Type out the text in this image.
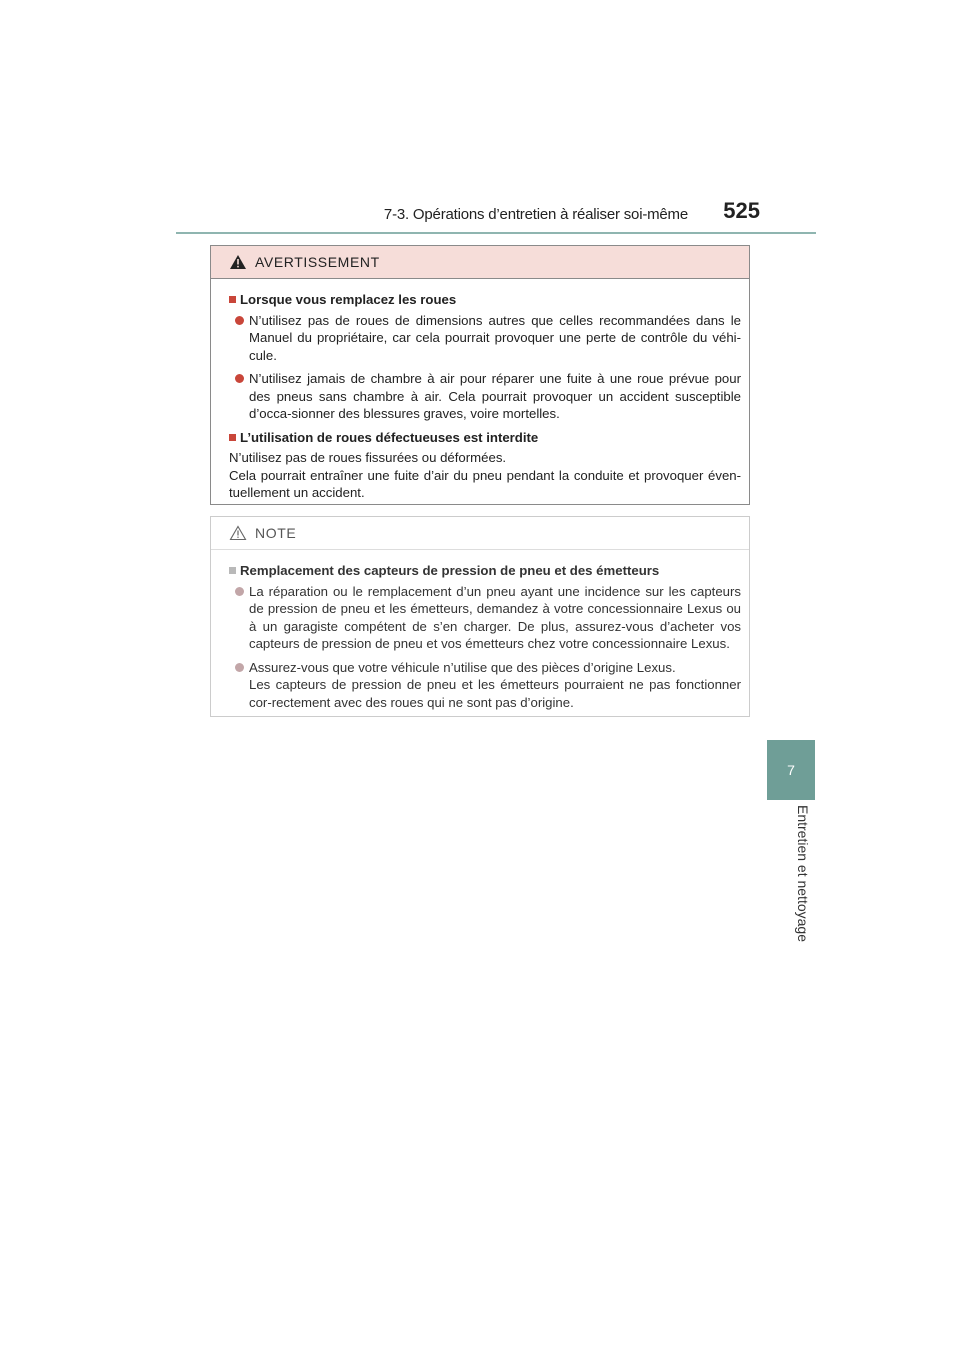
7-3. Opérations d’entretien à réaliser soi-même	525
7
Entretien et nettoyage
AVERTISSEMENT
Lorsque vous remplacez les roues
N’utilisez pas de roues de dimensions autres que celles recommandées dans le Manuel du propriétaire, car cela pourrait provoquer une perte de contrôle du véhi-cule.
N’utilisez jamais de chambre à air pour réparer une fuite à une roue prévue pour des pneus sans chambre à air. Cela pourrait provoquer un accident susceptible d’occa-sionner des blessures graves, voire mortelles.
L’utilisation de roues défectueuses est interdite
N’utilisez pas de roues fissurées ou déformées.
Cela pourrait entraîner une fuite d’air du pneu pendant la conduite et provoquer éven-tuellement un accident.
NOTE
Remplacement des capteurs de pression de pneu et des émetteurs
La réparation ou le remplacement d’un pneu ayant une incidence sur les capteurs de pression de pneu et les émetteurs, demandez à votre concessionnaire Lexus ou à un garagiste compétent de s’en charger. De plus, assurez-vous d’acheter vos capteurs de pression de pneu et vos émetteurs chez votre concessionnaire Lexus.
Assurez-vous que votre véhicule n’utilise que des pièces d’origine Lexus.
Les capteurs de pression de pneu et les émetteurs pourraient ne pas fonctionner cor-rectement avec des roues qui ne sont pas d’origine.
